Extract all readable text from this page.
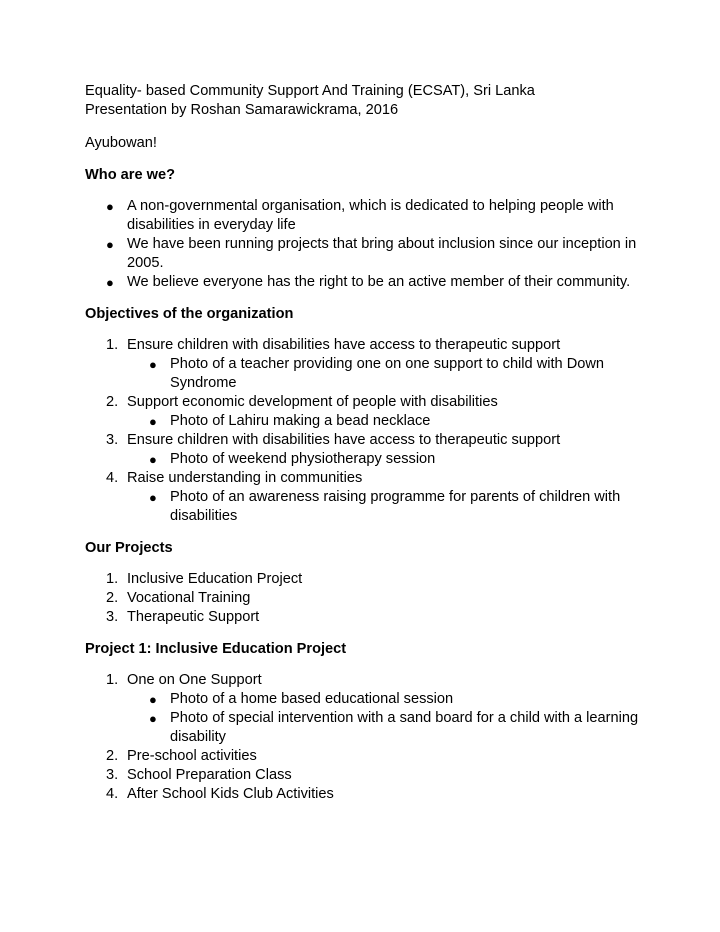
Equality- based Community Support And Training (ECSAT), Sri Lanka

Presentation by Roshan Samarawickrama, 2016

Ayubowan!

Who are we?

● A non-governmental organisation, which is dedicated to helping people with disabilities in everyday life
● We have been running projects that bring about inclusion since our inception in 2005.
● We believe everyone has the right to be an active member of their community.

Objectives of the organization

1. Ensure children with disabilities have access to therapeutic support
● Photo of a teacher providing one on one support to child with Down Syndrome
2. Support economic development of people with disabilities
● Photo of Lahiru making a bead necklace
3. Ensure children with disabilities have access to therapeutic support
● Photo of weekend physiotherapy session
4. Raise understanding in communities
● Photo of an awareness raising programme for parents of children with disabilities

Our Projects

1. Inclusive Education Project
2. Vocational Training
3. Therapeutic Support

Project 1: Inclusive Education Project

1. One on One Support
● Photo of a home based educational session
● Photo of special intervention with a sand board for a child with a learning disability
2. Pre-school activities
3. School Preparation Class
4. After School Kids Club Activities
